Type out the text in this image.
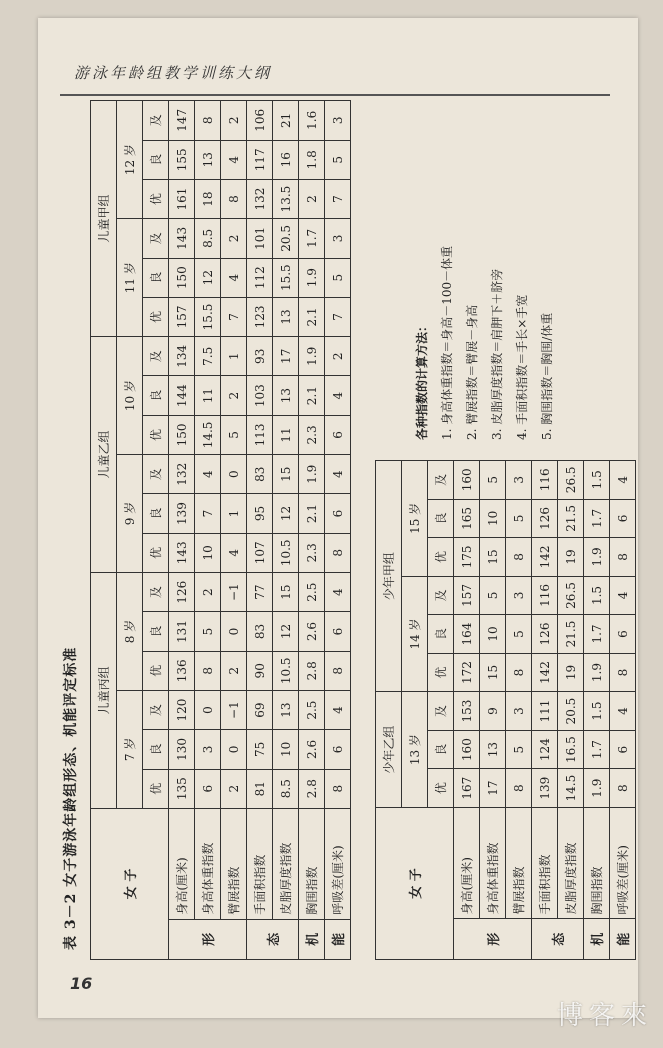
游泳年龄组教学训练大纲
16
博客來
表 3－2 女子游泳年龄组形态、机能评定标准	女 子		儿童丙组						儿童乙组						儿童甲组					
		7 岁			8 岁			9 岁			10 岁			11 岁			12 岁		
		优	良	及	优	良	及	优	良	及	优	良	及	优	良	及	优	良	及
形	身高(厘米)	135	130	120	136	131	126	143	139	132	150	144	134	157	150	143	161	155	147
	身高体重指数	6	3	0	8	5	2	10	7	4	14.5	11	7.5	15.5	12	8.5	18	13	8
	臂展指数	2	0	−1	2	0	−1	4	1	0	5	2	1	7	4	2	8	4	2
态	手面积指数	81	75	69	90	83	77	107	95	83	113	103	93	123	112	101	132	117	106
	皮脂厚度指数	8.5	10	13	10.5	12	15	10.5	12	15	11	13	17	13	15.5	20.5	13.5	16	21
机	胸围指数	2.8	2.6	2.5	2.8	2.6	2.5	2.3	2.1	1.9	2.3	2.1	1.9	2.1	1.9	1.7	2	1.8	1.6
能	呼吸差(厘米)	8	6	4	8	6	4	8	6	4	6	4	2	7	5	3	7	5	3
女 子		少年乙组			少年甲组					
		13 岁			14 岁			15 岁		
		优	良	及	优	良	及	优	良	及
形	身高(厘米)	167	160	153	172	164	157	175	165	160
	身高体重指数	17	13	9	15	10	5	15	10	5
	臂展指数	8	5	3	8	5	3	8	5	3
态	手面积指数	139	124	111	142	126	116	142	126	116
	皮脂厚度指数	14.5	16.5	20.5	19	21.5	26.5	19	21.5	26.5
机	胸围指数	1.9	1.7	1.5	1.9	1.7	1.5	1.9	1.7	1.5
能	呼吸差(厘米)	8	6	4	8	6	4	8	6	4
各种指数的计算方法： 1. 身高体重指数＝身高－100－体重 2. 臂展指数＝臂展－身高 3. 皮脂厚度指数＝肩胛下＋脐旁 4. 手面积指数＝手长×手宽 5. 胸围指数＝胸围/体重
